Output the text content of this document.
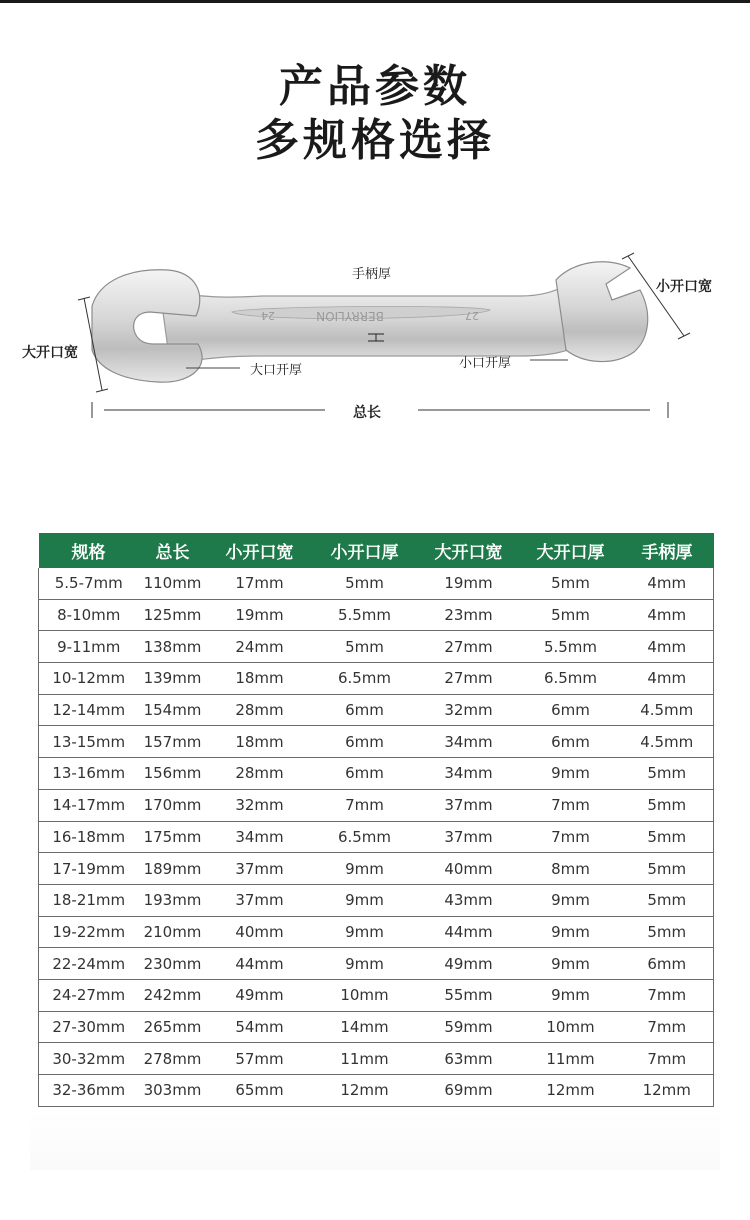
产品参数
多规格选择
BERRYLION
24	27
手柄厚
小开口宽
大开口宽
大口开厚	小口开厚
总长
规格	总长	小开口宽	小开口厚	大开口宽	大开口厚	手柄厚
5.5-7mm	110mm	17mm	5mm	19mm	5mm	4mm
8-10mm	125mm	19mm	5.5mm	23mm	5mm	4mm
9-11mm	138mm	24mm	5mm	27mm	5.5mm	4mm
10-12mm	139mm	18mm	6.5mm	27mm	6.5mm	4mm
12-14mm	154mm	28mm	6mm	32mm	6mm	4.5mm
13-15mm	157mm	18mm	6mm	34mm	6mm	4.5mm
13-16mm	156mm	28mm	6mm	34mm	9mm	5mm
14-17mm	170mm	32mm	7mm	37mm	7mm	5mm
16-18mm	175mm	34mm	6.5mm	37mm	7mm	5mm
17-19mm	189mm	37mm	9mm	40mm	8mm	5mm
18-21mm	193mm	37mm	9mm	43mm	9mm	5mm
19-22mm	210mm	40mm	9mm	44mm	9mm	5mm
22-24mm	230mm	44mm	9mm	49mm	9mm	6mm
24-27mm	242mm	49mm	10mm	55mm	9mm	7mm
27-30mm	265mm	54mm	14mm	59mm	10mm	7mm
30-32mm	278mm	57mm	11mm	63mm	11mm	7mm
32-36mm	303mm	65mm	12mm	69mm	12mm	12mm
